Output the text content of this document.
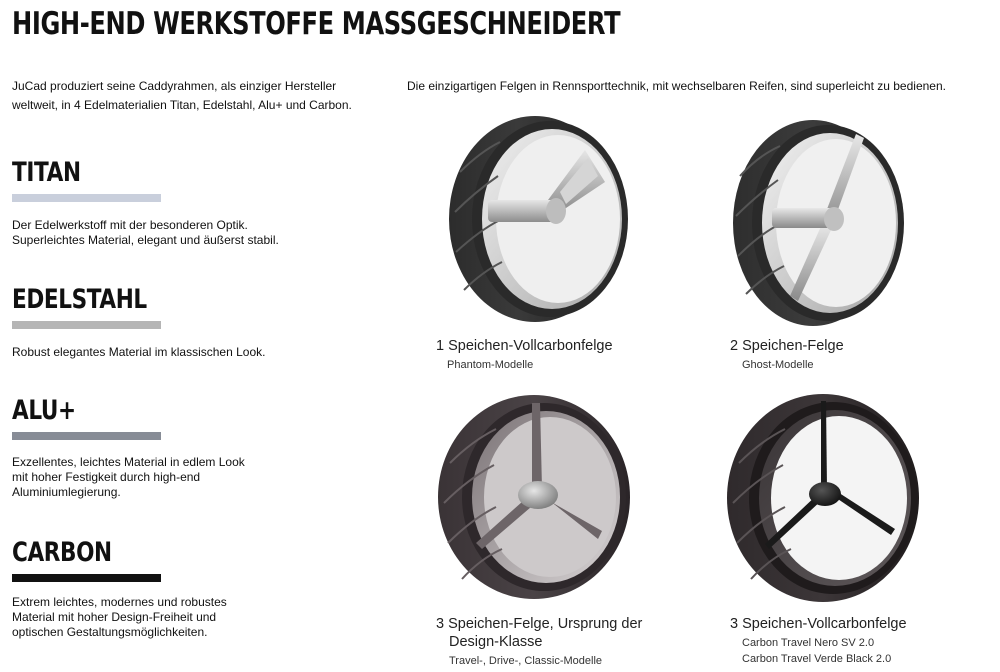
HIGH-END WERKSTOFFE MASSGESCHNEIDERT

JuCad produziert seine Caddyrahmen, als einziger Hersteller weltweit, in 4 Edelmaterialien Titan, Edelstahl, Alu+ und Carbon.

Die einzigartigen Felgen in Rennsporttechnik, mit wechselbaren Reifen, sind superleicht zu bedienen.

TITAN

Der Edelwerkstoff mit der besonderen Optik. Superleichtes Material, elegant und äußerst stabil.

EDELSTAHL

Robust elegantes Material im klassischen Look.

ALU+

Exzellentes, leichtes Material in edlem Look mit hoher Festigkeit durch high-end Aluminiumlegierung.

CARBON

Extrem leichtes, modernes und robustes Material mit hoher Design-Freiheit und optischen Gestaltungsmöglichkeiten.

1 Speichen-Vollcarbonfelge
Phantom-Modelle
2 Speichen-Felge
Ghost-Modelle
3 Speichen-Felge, Ursprung der Design-Klasse
Travel-, Drive-, Classic-Modelle
3 Speichen-Vollcarbonfelge
Carbon Travel Nero SV 2.0
Carbon Travel Verde Black 2.0
